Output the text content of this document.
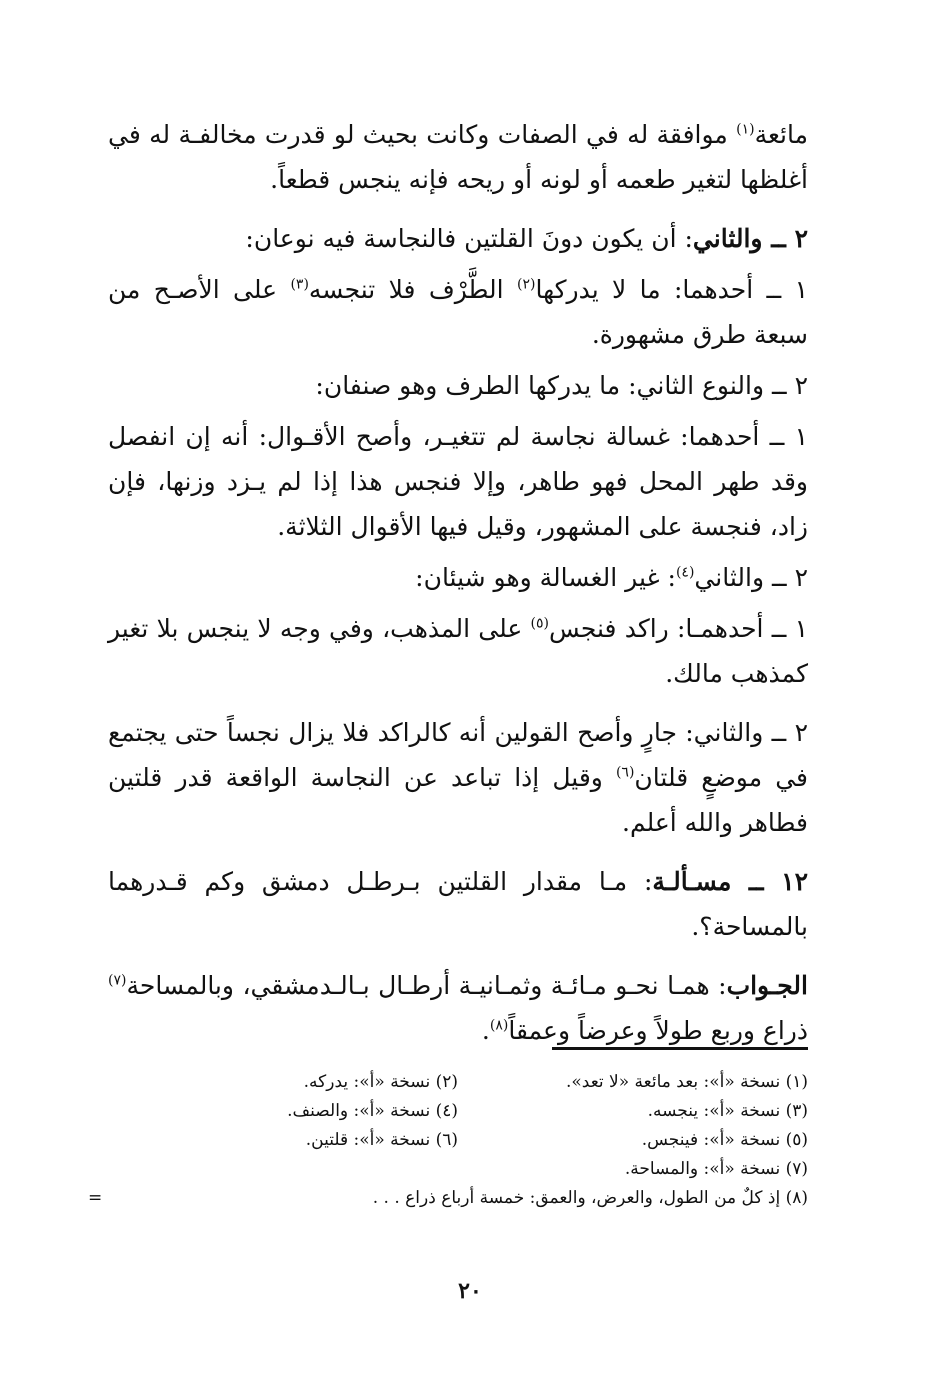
مائعة$^{(١)}$ موافقة له في الصفات وكانت بحيث لو قدرت مخالفـة له في أغلظها لتغير طعمه أو لونه أو ريحه فإنه ينجس قطعاً.

٢ ــ والثاني: أن يكون دونَ القلتين فالنجاسة فيه نوعان:

١ ــ أحدهما: ما لا يدركها$^{(٢)}$ الطَّرْف فلا تنجسه$^{(٣)}$ على الأصـح من سبعة طرق مشهورة.

٢ ــ والنوع الثاني: ما يدركها الطرف وهو صنفان:

١ ــ أحدهما: غسالة نجاسة لم تتغيـر، وأصح الأقـوال: أنه إن انفصل وقد طهر المحل فهو طاهر، وإلا فنجس هذا إذا لم يـزد وزنها، فإن زاد، فنجسة على المشهور، وقيل فيها الأقوال الثلاثة.

٢ ــ والثاني$^{(٤)}$: غير الغسالة وهو شيئان:

١ ــ أحدهمـا: راكد فنجس$^{(٥)}$ على المذهب، وفي وجه لا ينجس بلا تغير كمذهب مالك.

٢ ــ والثاني: جارٍ وأصح القولين أنه كالراكد فلا يزال نجساً حتى يجتمع في موضعٍ قلتان$^{(٦)}$ وقيل إذا تباعد عن النجاسة الواقعة قدر قلتين فطاهر والله أعلم.

١٢ ــ مسـألـة: مـا مقدار القلتين بـرطـل دمشق وكم قـدرهما بالمساحة؟.

الجـواب: همـا نحـو مـائـة وثمـانيـة أرطـال بـالـدمشقي، وبالمساحة$^{(٧)}$ ذراع وربع طولاً وعرضاً وعمقاً$^{(٨)}$.

(١) نسخة «أ»: بعد مائعة «لا تعد».
(٢) نسخة «أ»: يدركه.
(٣) نسخة «أ»: ينجسه.
(٤) نسخة «أ»: والصنف.
(٥) نسخة «أ»: فينجس.
(٦) نسخة «أ»: قلتين.
(٧) نسخة «أ»: والمساحة.
(٨) إذ كلٌ من الطول، والعرض، والعمق: خمسة أرباع ذراع . . .
=
٢٠
